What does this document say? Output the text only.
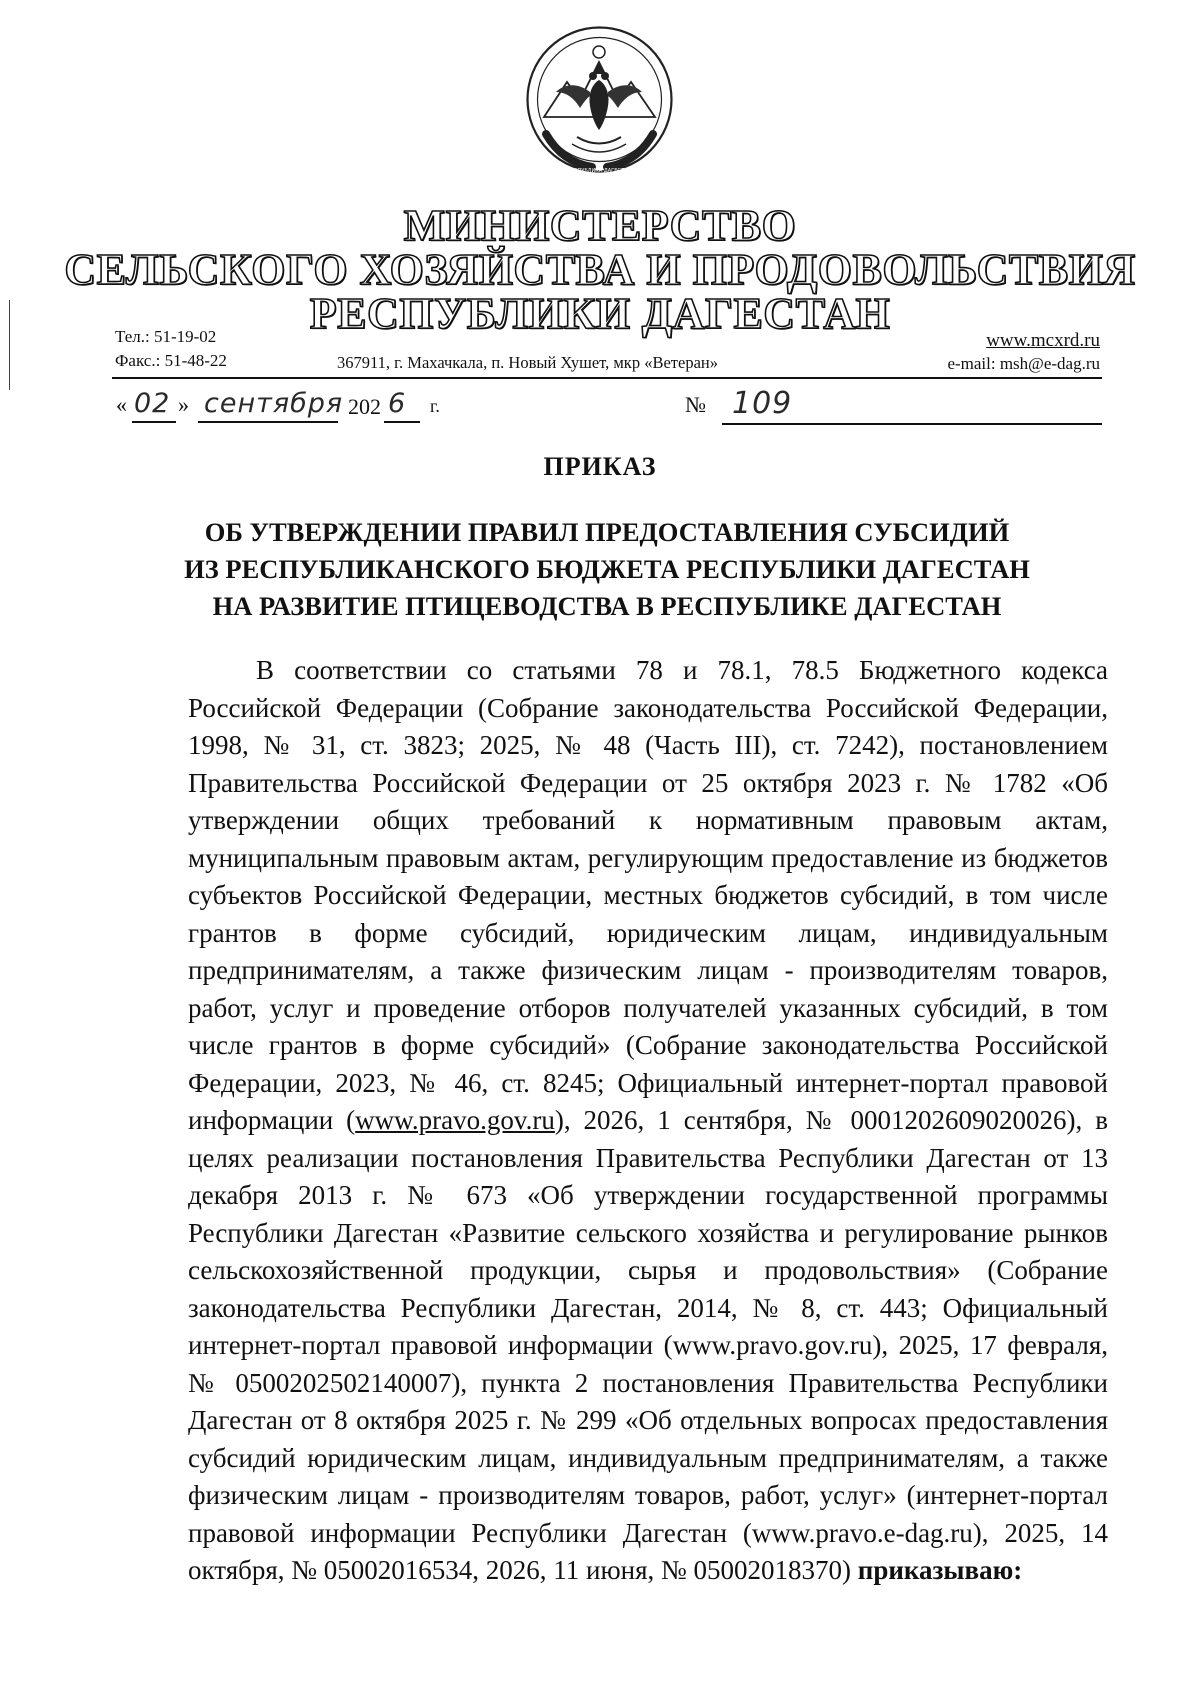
РЕСПУБЛИКА ДАГЕСТАН
МИНИСТЕРСТВО
СЕЛЬСКОГО ХОЗЯЙСТВА И ПРОДОВОЛЬСТВИЯ
РЕСПУБЛИКИ ДАГЕСТАН
Тел.: 51-19-02
Факс.: 51-48-22	367911, г. Махачкала, п. Новый Хушет, мкр «Ветеран»
www.mcxrd.ru
e-mail: msh@e-dag.ru
« 02 » сентября 202 6 г.	№ 109
ПРИКАЗ
ОБ УТВЕРЖДЕНИИ ПРАВИЛ ПРЕДОСТАВЛЕНИЯ СУБСИДИЙ
ИЗ РЕСПУБЛИКАНСКОГО БЮДЖЕТА РЕСПУБЛИКИ ДАГЕСТАН
НА РАЗВИТИЕ ПТИЦЕВОДСТВА В РЕСПУБЛИКЕ ДАГЕСТАН
В соответствии со статьями 78 и 78.1, 78.5 Бюджетного кодекса Российской Федерации (Собрание законодательства Российской Федерации, 1998, № 31, ст. 3823; 2025, № 48 (Часть III), ст. 7242), постановлением Правительства Российской Федерации от 25 октября 2023 г. № 1782 «Об утверждении общих требований к нормативным правовым актам, муниципальным правовым актам, регулирующим предоставление из бюджетов субъектов Российской Федерации, местных бюджетов субсидий, в том числе грантов в форме субсидий, юридическим лицам, индивидуальным предпринимателям, а также физическим лицам - производителям товаров, работ, услуг и проведение отборов получателей указанных субсидий, в том числе грантов в форме субсидий» (Собрание законодательства Российской Федерации, 2023, № 46, ст. 8245; Официальный интернет-портал правовой информации (www.pravo.gov.ru), 2026, 1 сентября, № 0001202609020026), в целях реализации постановления Правительства Республики Дагестан от 13 декабря 2013 г. № 673 «Об утверждении государственной программы Республики Дагестан «Развитие сельского хозяйства и регулирование рынков сельскохозяйственной продукции, сырья и продовольствия» (Собрание законодательства Республики Дагестан, 2014, № 8, ст. 443; Официальный интернет-портал правовой информации (www.pravo.gov.ru), 2025, 17 февраля, № 0500202502140007), пункта 2 постановления Правительства Республики Дагестан от 8 октября 2025 г. № 299 «Об отдельных вопросах предоставления субсидий юридическим лицам, индивидуальным предпринимателям, а также физическим лицам - производителям товаров, работ, услуг» (интернет-портал правовой информации Республики Дагестан (www.pravo.e-dag.ru), 2025, 14 октября, № 05002016534, 2026, 11 июня, № 05002018370) приказываю:
